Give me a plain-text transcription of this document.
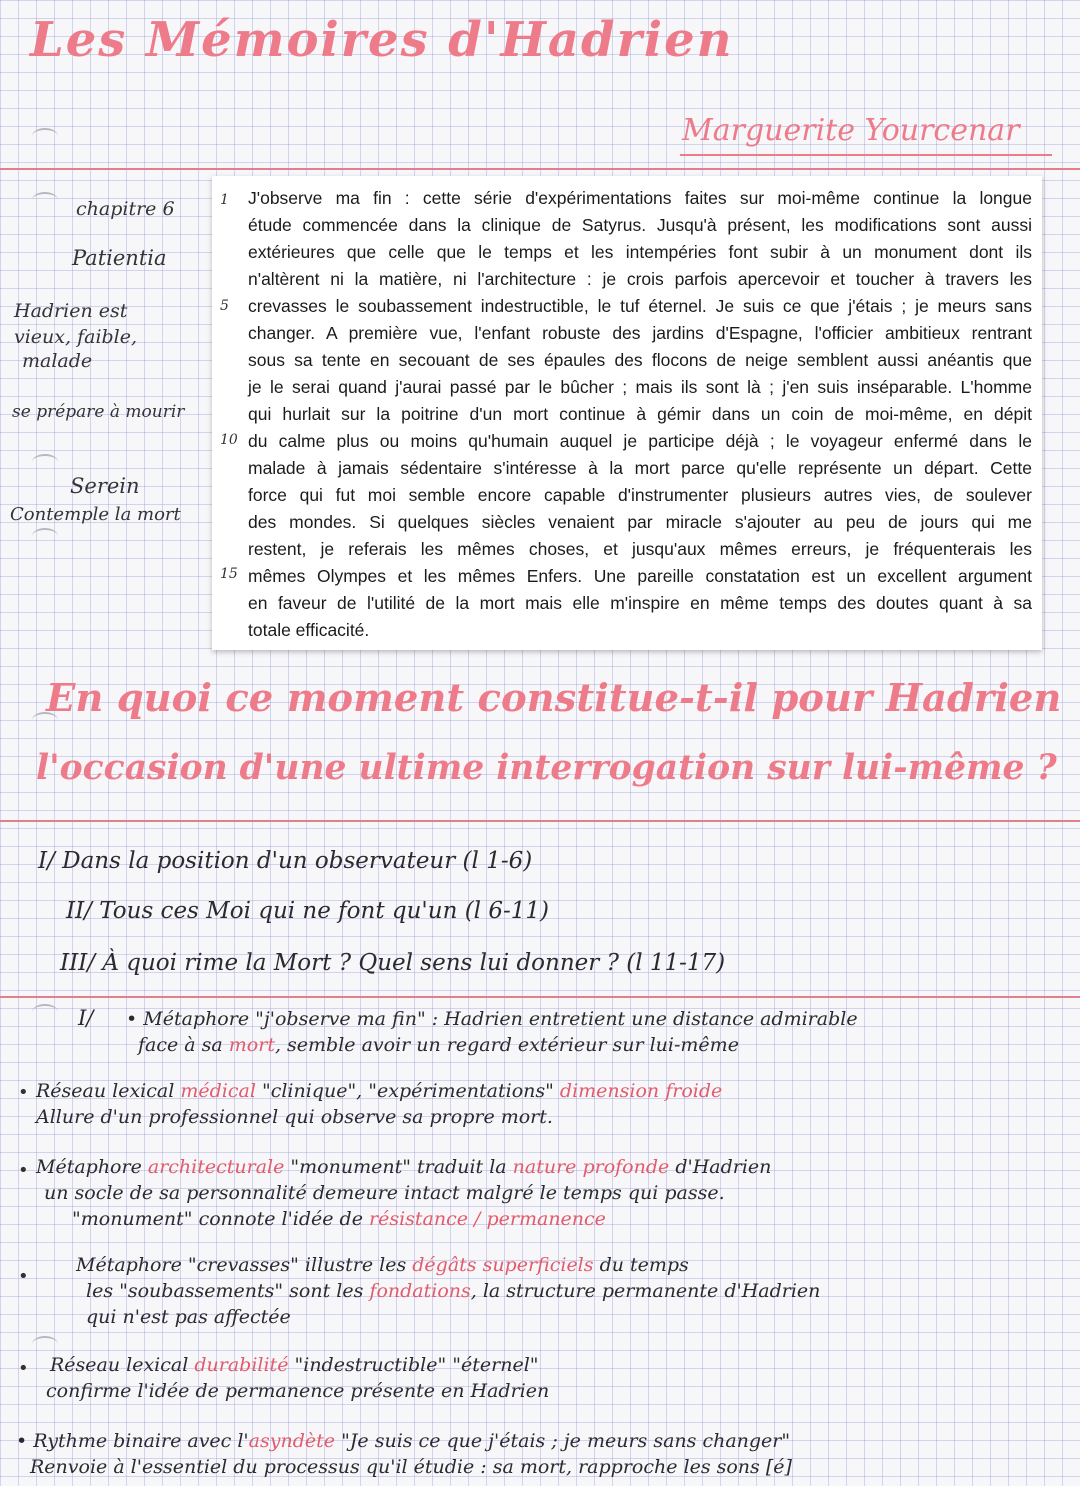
Les Mémoires d'Hadrien
Marguerite Yourcenar
chapitre 6
Patientia
Hadrien est
vieux, faible,
malade
se prépare à mourir
Serein
Contemple la mort
1
5
10
15
J'observe ma fin : cette série d'expérimentations faites sur moi-même continue la longue
étude commencée dans la clinique de Satyrus. Jusqu'à présent, les modifications sont aussi
extérieures que celle que le temps et les intempéries font subir à un monument dont ils
n'altèrent ni la matière, ni l'architecture : je crois parfois apercevoir et toucher à travers les
crevasses le soubassement indestructible, le tuf éternel. Je suis ce que j'étais ; je meurs sans
changer. A première vue, l'enfant robuste des jardins d'Espagne, l'officier ambitieux rentrant
sous sa tente en secouant de ses épaules des flocons de neige semblent aussi anéantis que
je le serai quand j'aurai passé par le bûcher ; mais ils sont là ; j'en suis inséparable. L'homme
qui hurlait sur la poitrine d'un mort continue à gémir dans un coin de moi-même, en dépit
du calme plus ou moins qu'humain auquel je participe déjà ; le voyageur enfermé dans le
malade à jamais sédentaire s'intéresse à la mort parce qu'elle représente un départ. Cette
force qui fut moi semble encore capable d'instrumenter plusieurs autres vies, de soulever
des mondes. Si quelques siècles venaient par miracle s'ajouter au peu de jours qui me
restent, je referais les mêmes choses, et jusqu'aux mêmes erreurs, je fréquenterais les
mêmes Olympes et les mêmes Enfers. Une pareille constatation est un excellent argument
en faveur de l'utilité de la mort mais elle m'inspire en même temps des doutes quant à sa
totale efficacité.
En quoi ce moment constitue-t-il pour Hadrien
l'occasion d'une ultime interrogation sur lui-même ?
I/ Dans la position d'un observateur (l 1-6)
II/ Tous ces Moi qui ne font qu'un (l 6-11)
III/ À quoi rime la Mort ? Quel sens lui donner ? (l 11-17)
I/ • Métaphore "j'observe ma fin" : Hadrien entretient une distance admirable
face à sa mort, semble avoir un regard extérieur sur lui-même
• Réseau lexical médical "clinique", "expérimentations" dimension froide
Allure d'un professionnel qui observe sa propre mort.
• Métaphore architecturale "monument" traduit la nature profonde d'Hadrien
un socle de sa personnalité demeure intact malgré le temps qui passe.
"monument" connote l'idée de résistance / permanence
•
Métaphore "crevasses" illustre les dégâts superficiels du temps
les "soubassements" sont les fondations, la structure permanente d'Hadrien
qui n'est pas affectée
• Réseau lexical durabilité "indestructible" "éternel"
confirme l'idée de permanence présente en Hadrien
• Rythme binaire avec l'asyndète "Je suis ce que j'étais ; je meurs sans changer"
Renvoie à l'essentiel du processus qu'il étudie : sa mort, rapproche les sons [é]
